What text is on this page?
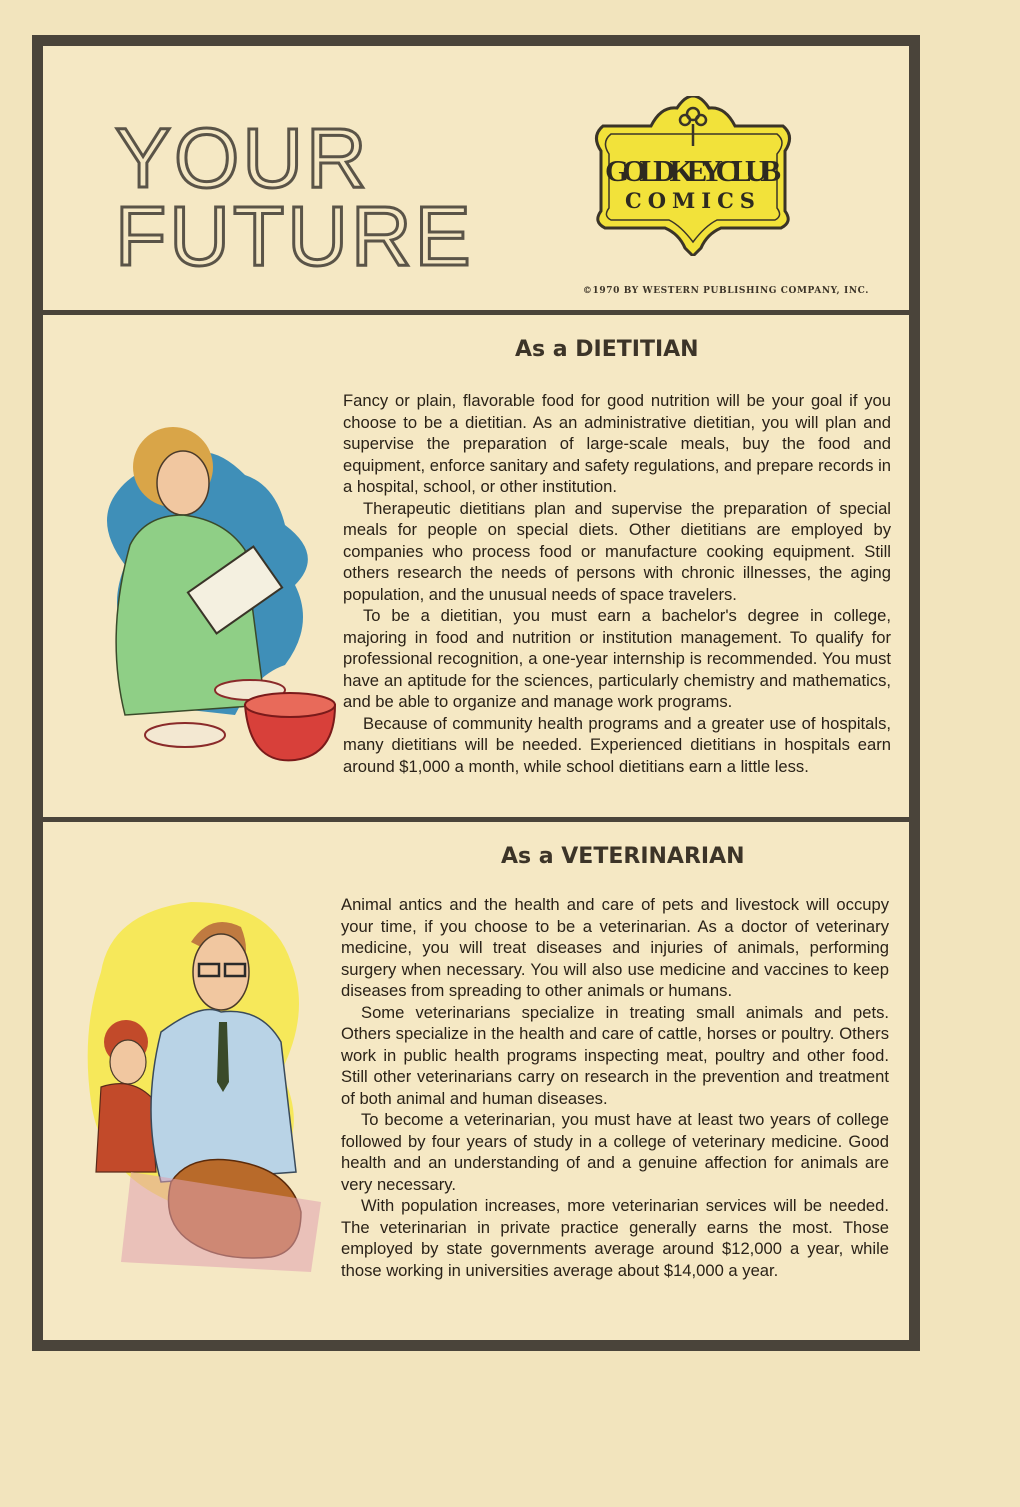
YOUR
FUTURE
GOLD KEY CLUB
COMICS
©1970 BY WESTERN PUBLISHING COMPANY, INC.
As a DIETITIAN

Fancy or plain, flavorable food for good nutrition will be your goal if you choose to be a dietitian. As an administrative dietitian, you will plan and supervise the preparation of large-scale meals, buy the food and equipment, enforce sanitary and safety regulations, and prepare records in a hospital, school, or other institution.

Therapeutic dietitians plan and supervise the preparation of special meals for people on special diets. Other dietitians are employed by companies who process food or manufacture cooking equipment. Still others research the needs of persons with chronic illnesses, the aging population, and the unusual needs of space travelers.

To be a dietitian, you must earn a bachelor's degree in college, majoring in food and nutrition or institution management. To qualify for professional recognition, a one-year internship is recommended. You must have an aptitude for the sciences, particularly chemistry and mathematics, and be able to organize and manage work programs.

Because of community health programs and a greater use of hospitals, many dietitians will be needed. Experienced dietitians in hospitals earn around $1,000 a month, while school dietitians earn a little less.

As a VETERINARIAN

Animal antics and the health and care of pets and livestock will occupy your time, if you choose to be a veterinarian. As a doctor of veterinary medicine, you will treat diseases and injuries of animals, performing surgery when necessary. You will also use medicine and vaccines to keep diseases from spreading to other animals or humans.

Some veterinarians specialize in treating small animals and pets. Others specialize in the health and care of cattle, horses or poultry. Others work in public health programs inspecting meat, poultry and other food. Still other veterinarians carry on research in the prevention and treatment of both animal and human diseases.

To become a veterinarian, you must have at least two years of college followed by four years of study in a college of veterinary medicine. Good health and an understanding of and a genuine affection for animals are very necessary.

With population increases, more veterinarian services will be needed. The veterinarian in private practice generally earns the most. Those employed by state governments average around $12,000 a year, while those working in universities average about $14,000 a year.
